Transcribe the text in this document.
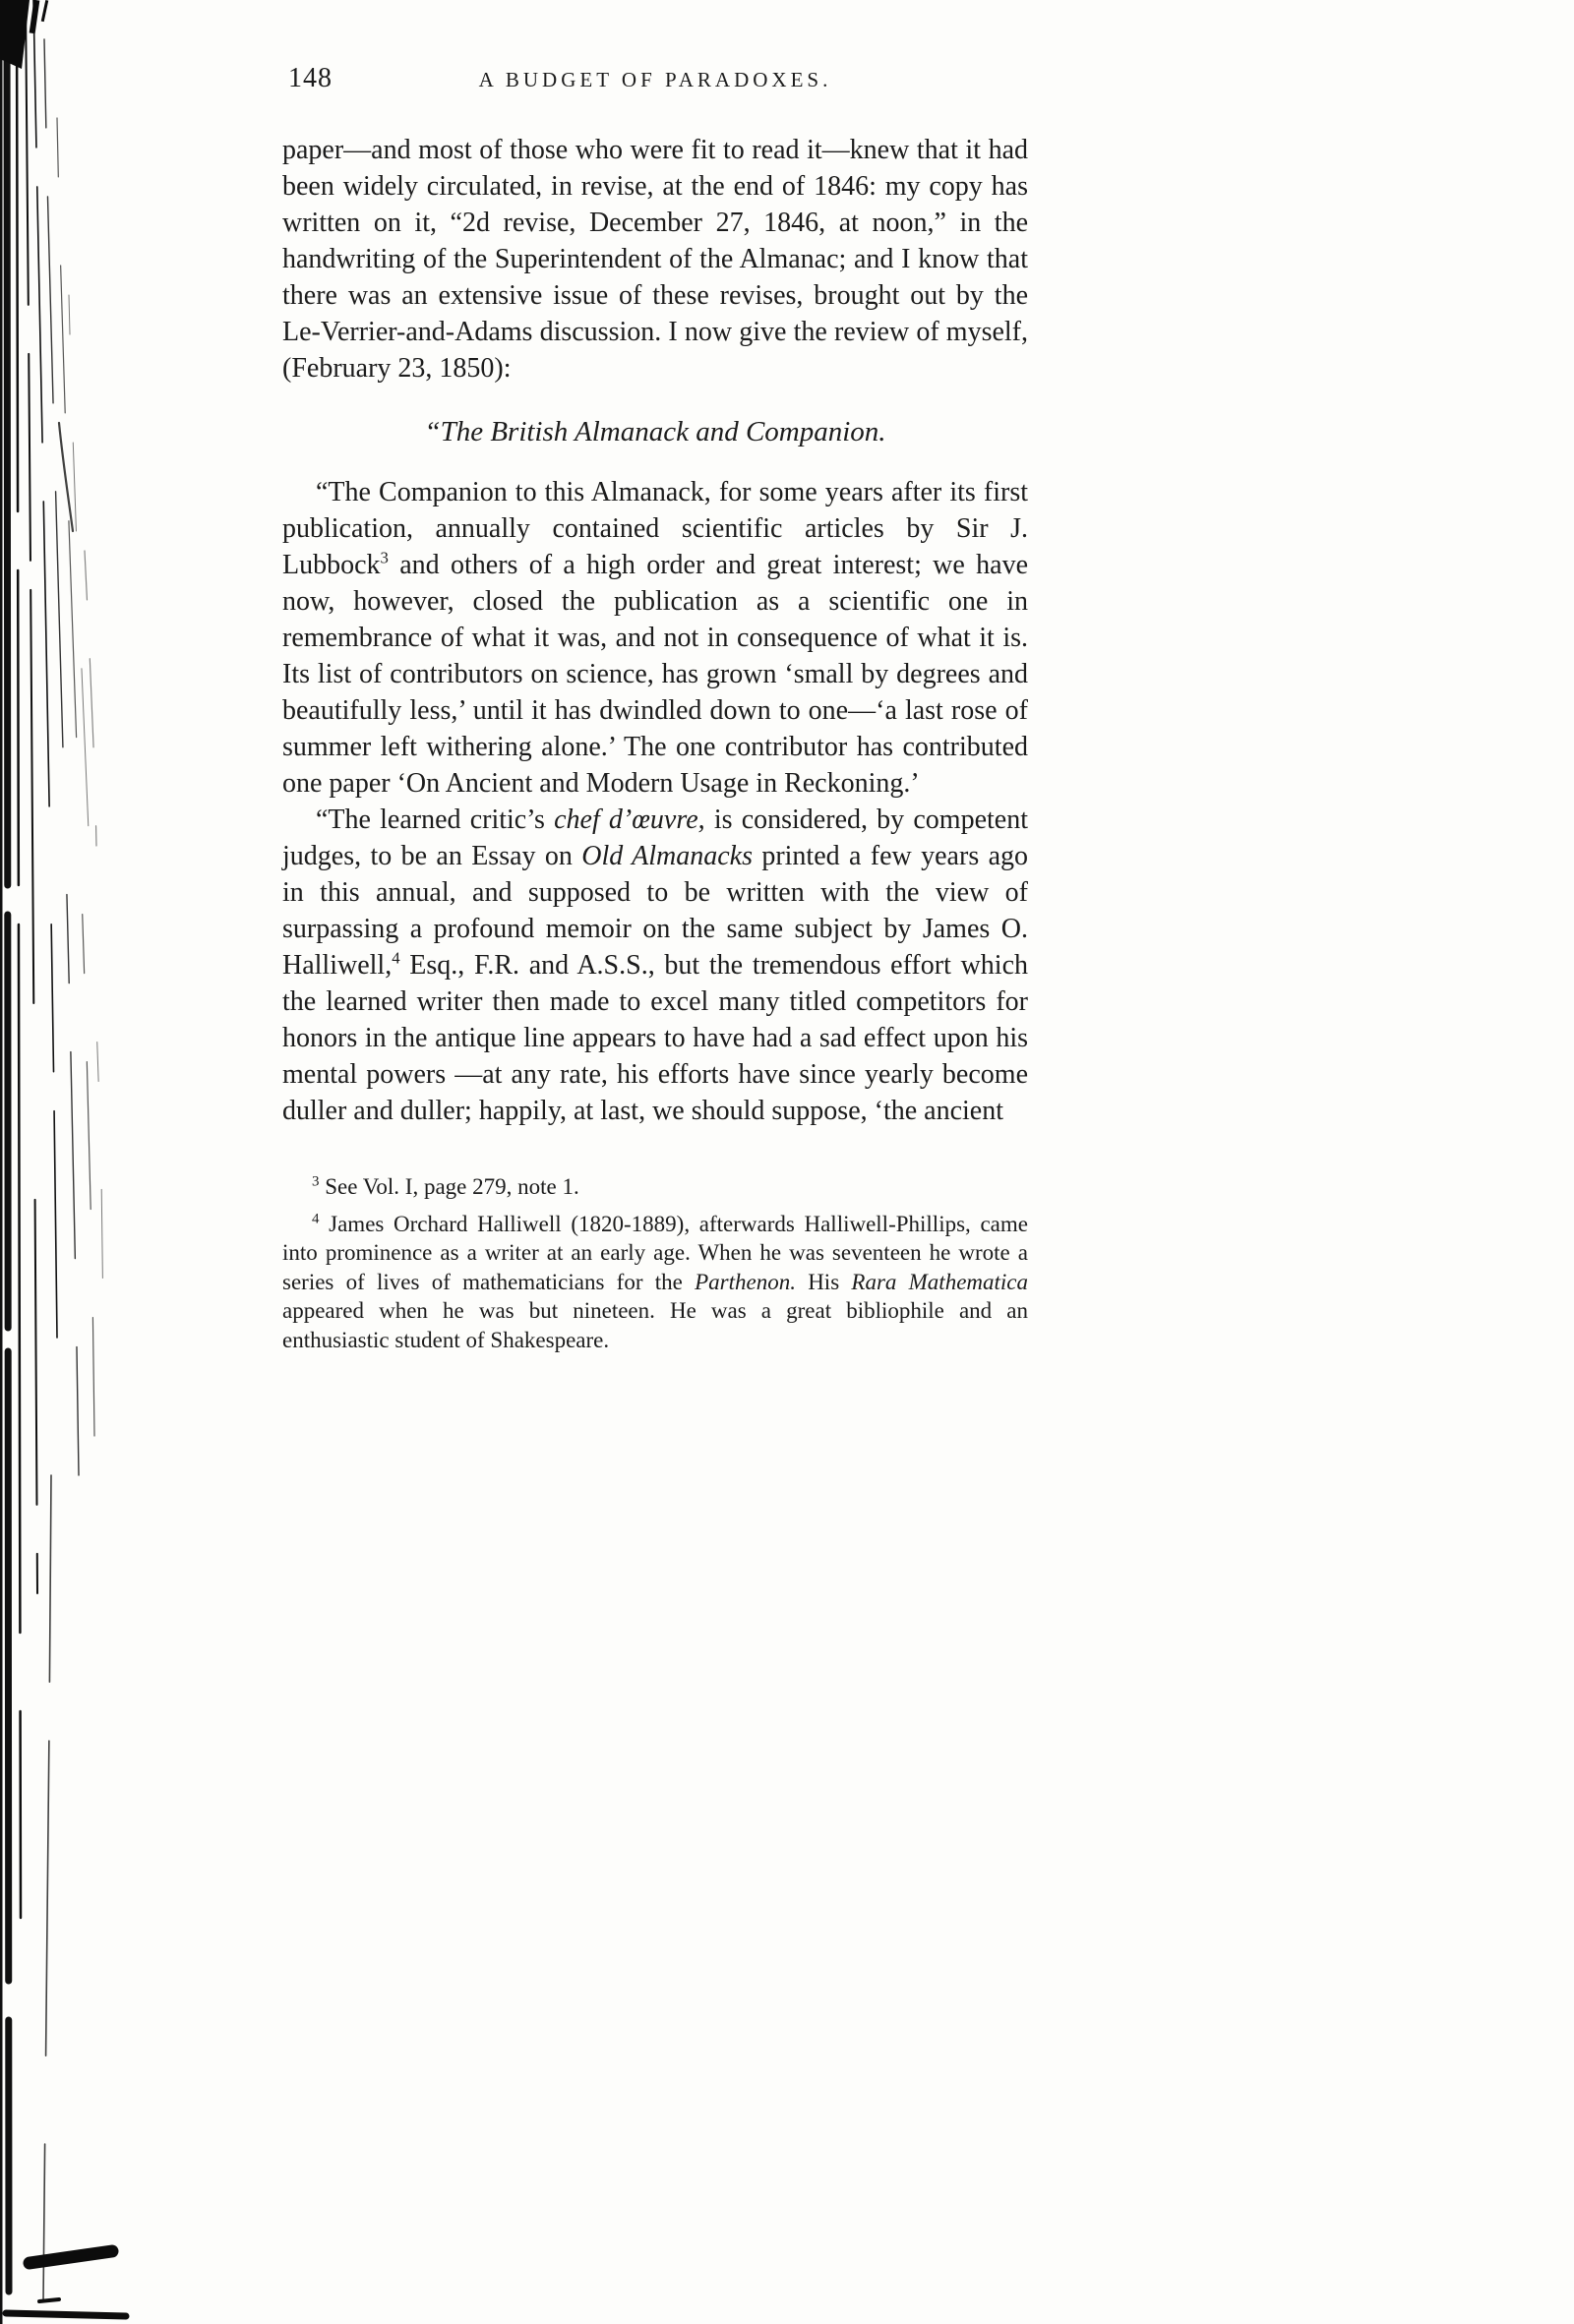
148	A BUDGET OF PARADOXES.

paper—and most of those who were fit to read it—knew that it had been widely circulated, in revise, at the end of 1846: my copy has written on it, “2d revise, December 27, 1846, at noon,” in the handwriting of the Superintendent of the Almanac; and I know that there was an extensive issue of these revises, brought out by the Le-Verrier-and-Adams discussion. I now give the review of myself, (February 23, 1850):

“The British Almanack and Companion.

“The Companion to this Almanack, for some years after its first publication, annually contained scientific articles by Sir J. Lubbock$^3$ and others of a high order and great interest; we have now, however, closed the publication as a scientific one in remembrance of what it was, and not in consequence of what it is. Its list of contributors on science, has grown ‘small by degrees and beautifully less,’ until it has dwindled down to one—‘a last rose of summer left withering alone.’ The one contributor has contributed one paper ‘On Ancient and Modern Usage in Reckoning.’

“The learned critic’s chef d’œuvre, is considered, by competent judges, to be an Essay on Old Almanacks printed a few years ago in this annual, and supposed to be written with the view of surpassing a profound memoir on the same subject by James O. Halliwell,$^4$ Esq., F.R. and A.S.S., but the tremendous effort which the learned writer then made to excel many titled competitors for honors in the antique line appears to have had a sad effect upon his mental powers —at any rate, his efforts have since yearly become duller and duller; happily, at last, we should suppose, ‘the ancient

$^3$ See Vol. I, page 279, note 1.

$^4$ James Orchard Halliwell (1820-1889), afterwards Halliwell-Phillips, came into prominence as a writer at an early age. When he was seventeen he wrote a series of lives of mathematicians for the Parthenon. His Rara Mathematica appeared when he was but nineteen. He was a great bibliophile and an enthusiastic student of Shakespeare.
